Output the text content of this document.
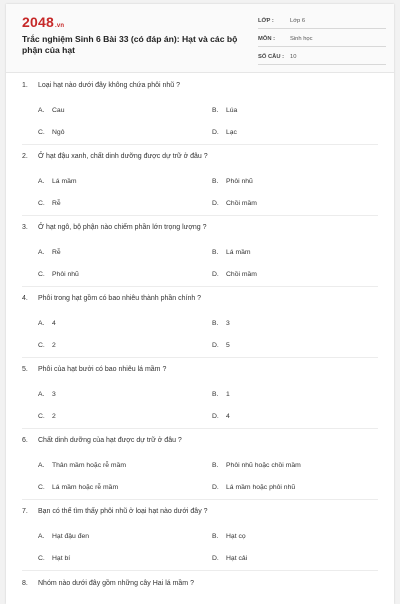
2048.vn
Trắc nghiệm Sinh 6 Bài 33 (có đáp án): Hạt và các bộ phận của hạt
LỚP :	Lớp 6
MÔN :	Sinh học
SỐ CÂU : 10
1. Loại hạt nào dưới đây không chứa phôi nhũ ?
A. Cau	B. Lúa
C. Ngô	D. Lạc
2. Ở hạt đậu xanh, chất dinh dưỡng được dự trữ ở đâu ?
A. Lá mầm	B. Phôi nhũ
C. Rễ	D. Chồi mầm
3. Ở hạt ngô, bộ phận nào chiếm phần lớn trọng lượng ?
A. Rễ	B. Lá mầm
C. Phôi nhũ	D. Chồi mầm
4. Phôi trong hạt gồm có bao nhiêu thành phần chính ?
A. 4	B. 3
C. 2	D. 5
5. Phôi của hạt bưởi có bao nhiêu lá mầm ?
A. 3	B. 1
C. 2	D. 4
6. Chất dinh dưỡng của hạt được dự trữ ở đâu ?
A. Thân mầm hoặc rễ mầm	B. Phôi nhũ hoặc chồi mầm
C. Lá mầm hoặc rễ mầm	D. Lá mầm hoặc phôi nhũ
7. Bạn có thể tìm thấy phôi nhũ ở loại hạt nào dưới đây ?
A. Hạt đậu đen	B. Hạt cọ
C. Hạt bí	D. Hạt cải
8. Nhóm nào dưới đây gồm những cây Hai lá mầm ?
